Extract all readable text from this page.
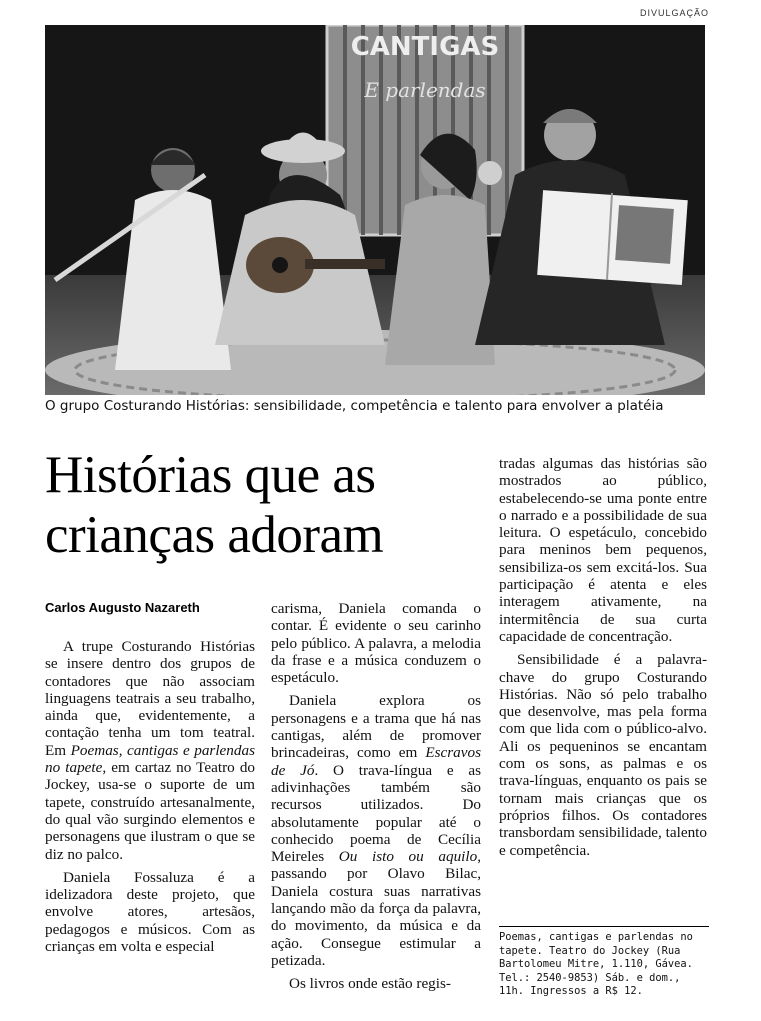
DIVULGAÇÃO
CANTIGAS
E parlendas
O grupo Costurando Histórias: sensibilidade, competência e talento para envolver a platéia
Histórias que as
crianças adoram
Carlos Augusto Nazareth

A trupe Costurando Histórias se insere dentro dos grupos de contadores que não associam linguagens teatrais a seu trabalho, ainda que, evidentemente, a contação tenha um tom teatral. Em Poemas, cantigas e parlendas no tapete, em cartaz no Teatro do Jockey, usa-se o suporte de um tapete, construído artesanalmente, do qual vão surgindo elementos e personagens que ilustram o que se diz no palco.

Daniela Fossaluza é a idelizadora deste projeto, que envolve atores, artesãos, pedagogos e músicos. Com as crianças em volta e especial

carisma, Daniela comanda o contar. É evidente o seu carinho pelo público. A palavra, a melodia da frase e a música conduzem o espetáculo.

Daniela explora os personagens e a trama que há nas cantigas, além de promover brincadeiras, como em Escravos de Jó. O trava-língua e as adivinhações também são recursos utilizados. Do absolutamente popular até o conhecido poema de Cecília Meireles Ou isto ou aquilo, passando por Olavo Bilac, Daniela costura suas narrativas lançando mão da força da palavra, do movimento, da música e da ação. Consegue estimular a petizada.

Os livros onde estão regis-

tradas algumas das histórias são mostrados ao público, estabelecendo-se uma ponte entre o narrado e a possibilidade de sua leitura. O espetáculo, concebido para meninos bem pequenos, sensibiliza-os sem excitá-los. Sua participação é atenta e eles interagem ativamente, na intermitência de sua curta capacidade de concentração.

Sensibilidade é a palavra-chave do grupo Costurando Histórias. Não só pelo trabalho que desenvolve, mas pela forma com que lida com o público-alvo. Ali os pequeninos se encantam com os sons, as palmas e os trava-línguas, enquanto os pais se tornam mais crianças que os próprios filhos. Os contadores transbordam sensibilidade, talento e competência.

Poemas, cantigas e parlendas no tapete. Teatro do Jockey (Rua Bartolomeu Mitre, 1.110, Gávea. Tel.: 2540-9853) Sáb. e dom., 11h. Ingressos a R$ 12.
